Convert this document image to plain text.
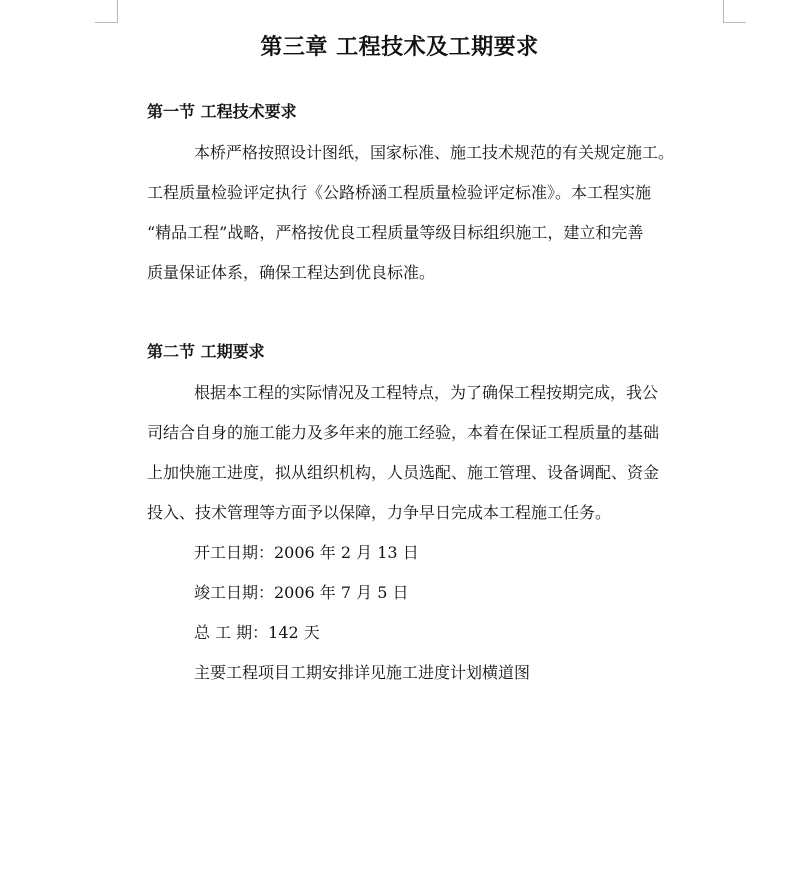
第三章 工程技术及工期要求
第一节 工程技术要求
本桥严格按照设计图纸，国家标准、施工技术规范的有关规定施工。
工程质量检验评定执行《公路桥涵工程质量检验评定标准》。本工程实施
“精品工程”战略，严格按优良工程质量等级目标组织施工，建立和完善
质量保证体系，确保工程达到优良标准。
第二节 工期要求
根据本工程的实际情况及工程特点，为了确保工程按期完成，我公
司结合自身的施工能力及多年来的施工经验，本着在保证工程质量的基础
上加快施工进度，拟从组织机构，人员选配、施工管理、设备调配、资金
投入、技术管理等方面予以保障，力争早日完成本工程施工任务。
开工日期：2006 年 2 月 13 日
竣工日期：2006 年 7 月 5 日
总 工 期：142 天
主要工程项目工期安排详见施工进度计划横道图
